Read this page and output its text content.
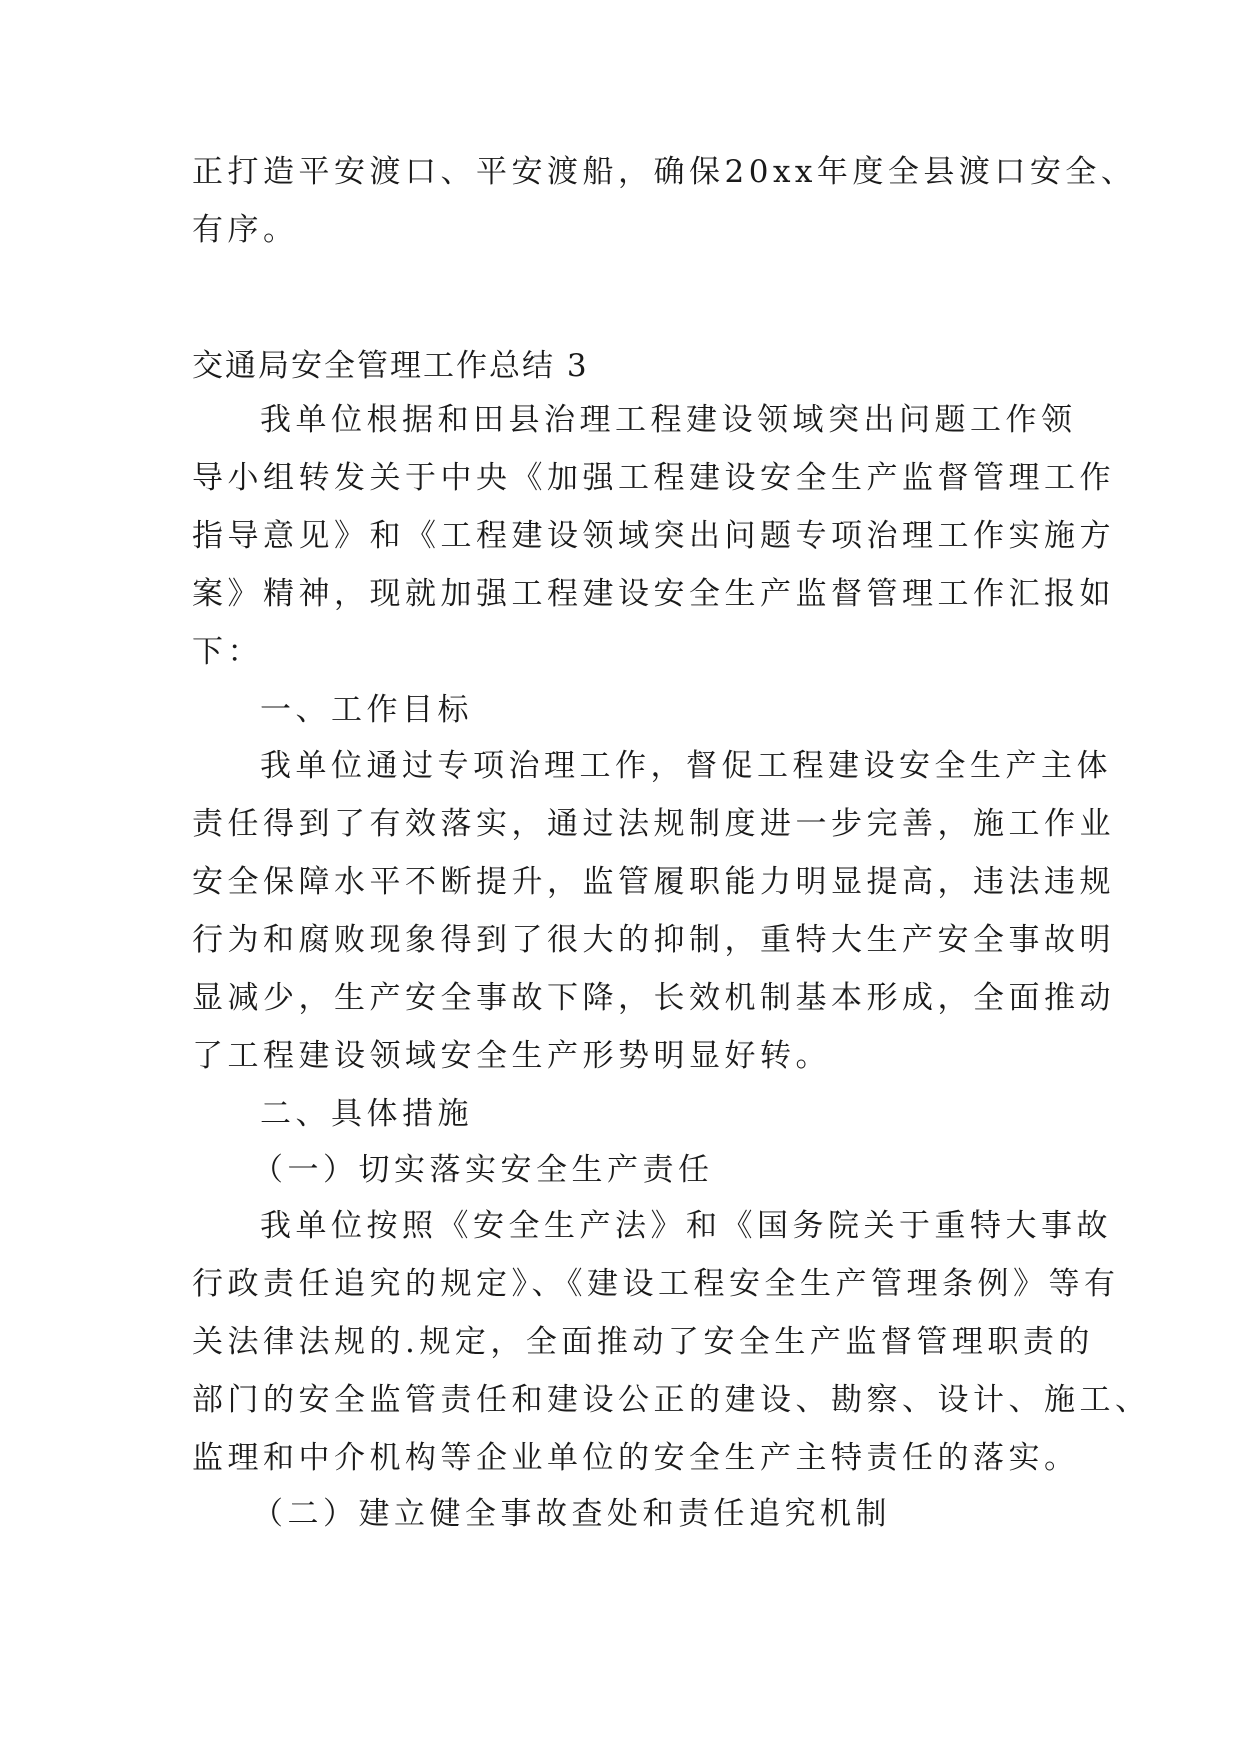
正打造平安渡口、平安渡船，确保20xx年度全县渡口安全、

有序。

交通局安全管理工作总结 3

我单位根据和田县治理工程建设领域突出问题工作领

导小组转发关于中央《加强工程建设安全生产监督管理工作

指导意见》和《工程建设领域突出问题专项治理工作实施方

案》精神，现就加强工程建设安全生产监督管理工作汇报如

下：

一、工作目标

我单位通过专项治理工作，督促工程建设安全生产主体

责任得到了有效落实，通过法规制度进一步完善，施工作业

安全保障水平不断提升，监管履职能力明显提高，违法违规

行为和腐败现象得到了很大的抑制，重特大生产安全事故明

显减少，生产安全事故下降，长效机制基本形成，全面推动

了工程建设领域安全生产形势明显好转。

二、具体措施

（一）切实落实安全生产责任

我单位按照《安全生产法》和《国务院关于重特大事故

行政责任追究的规定》、《建设工程安全生产管理条例》等有

关法律法规的.规定，全面推动了安全生产监督管理职责的

部门的安全监管责任和建设公正的建设、勘察、设计、施工、

监理和中介机构等企业单位的安全生产主特责任的落实。

（二）建立健全事故查处和责任追究机制
